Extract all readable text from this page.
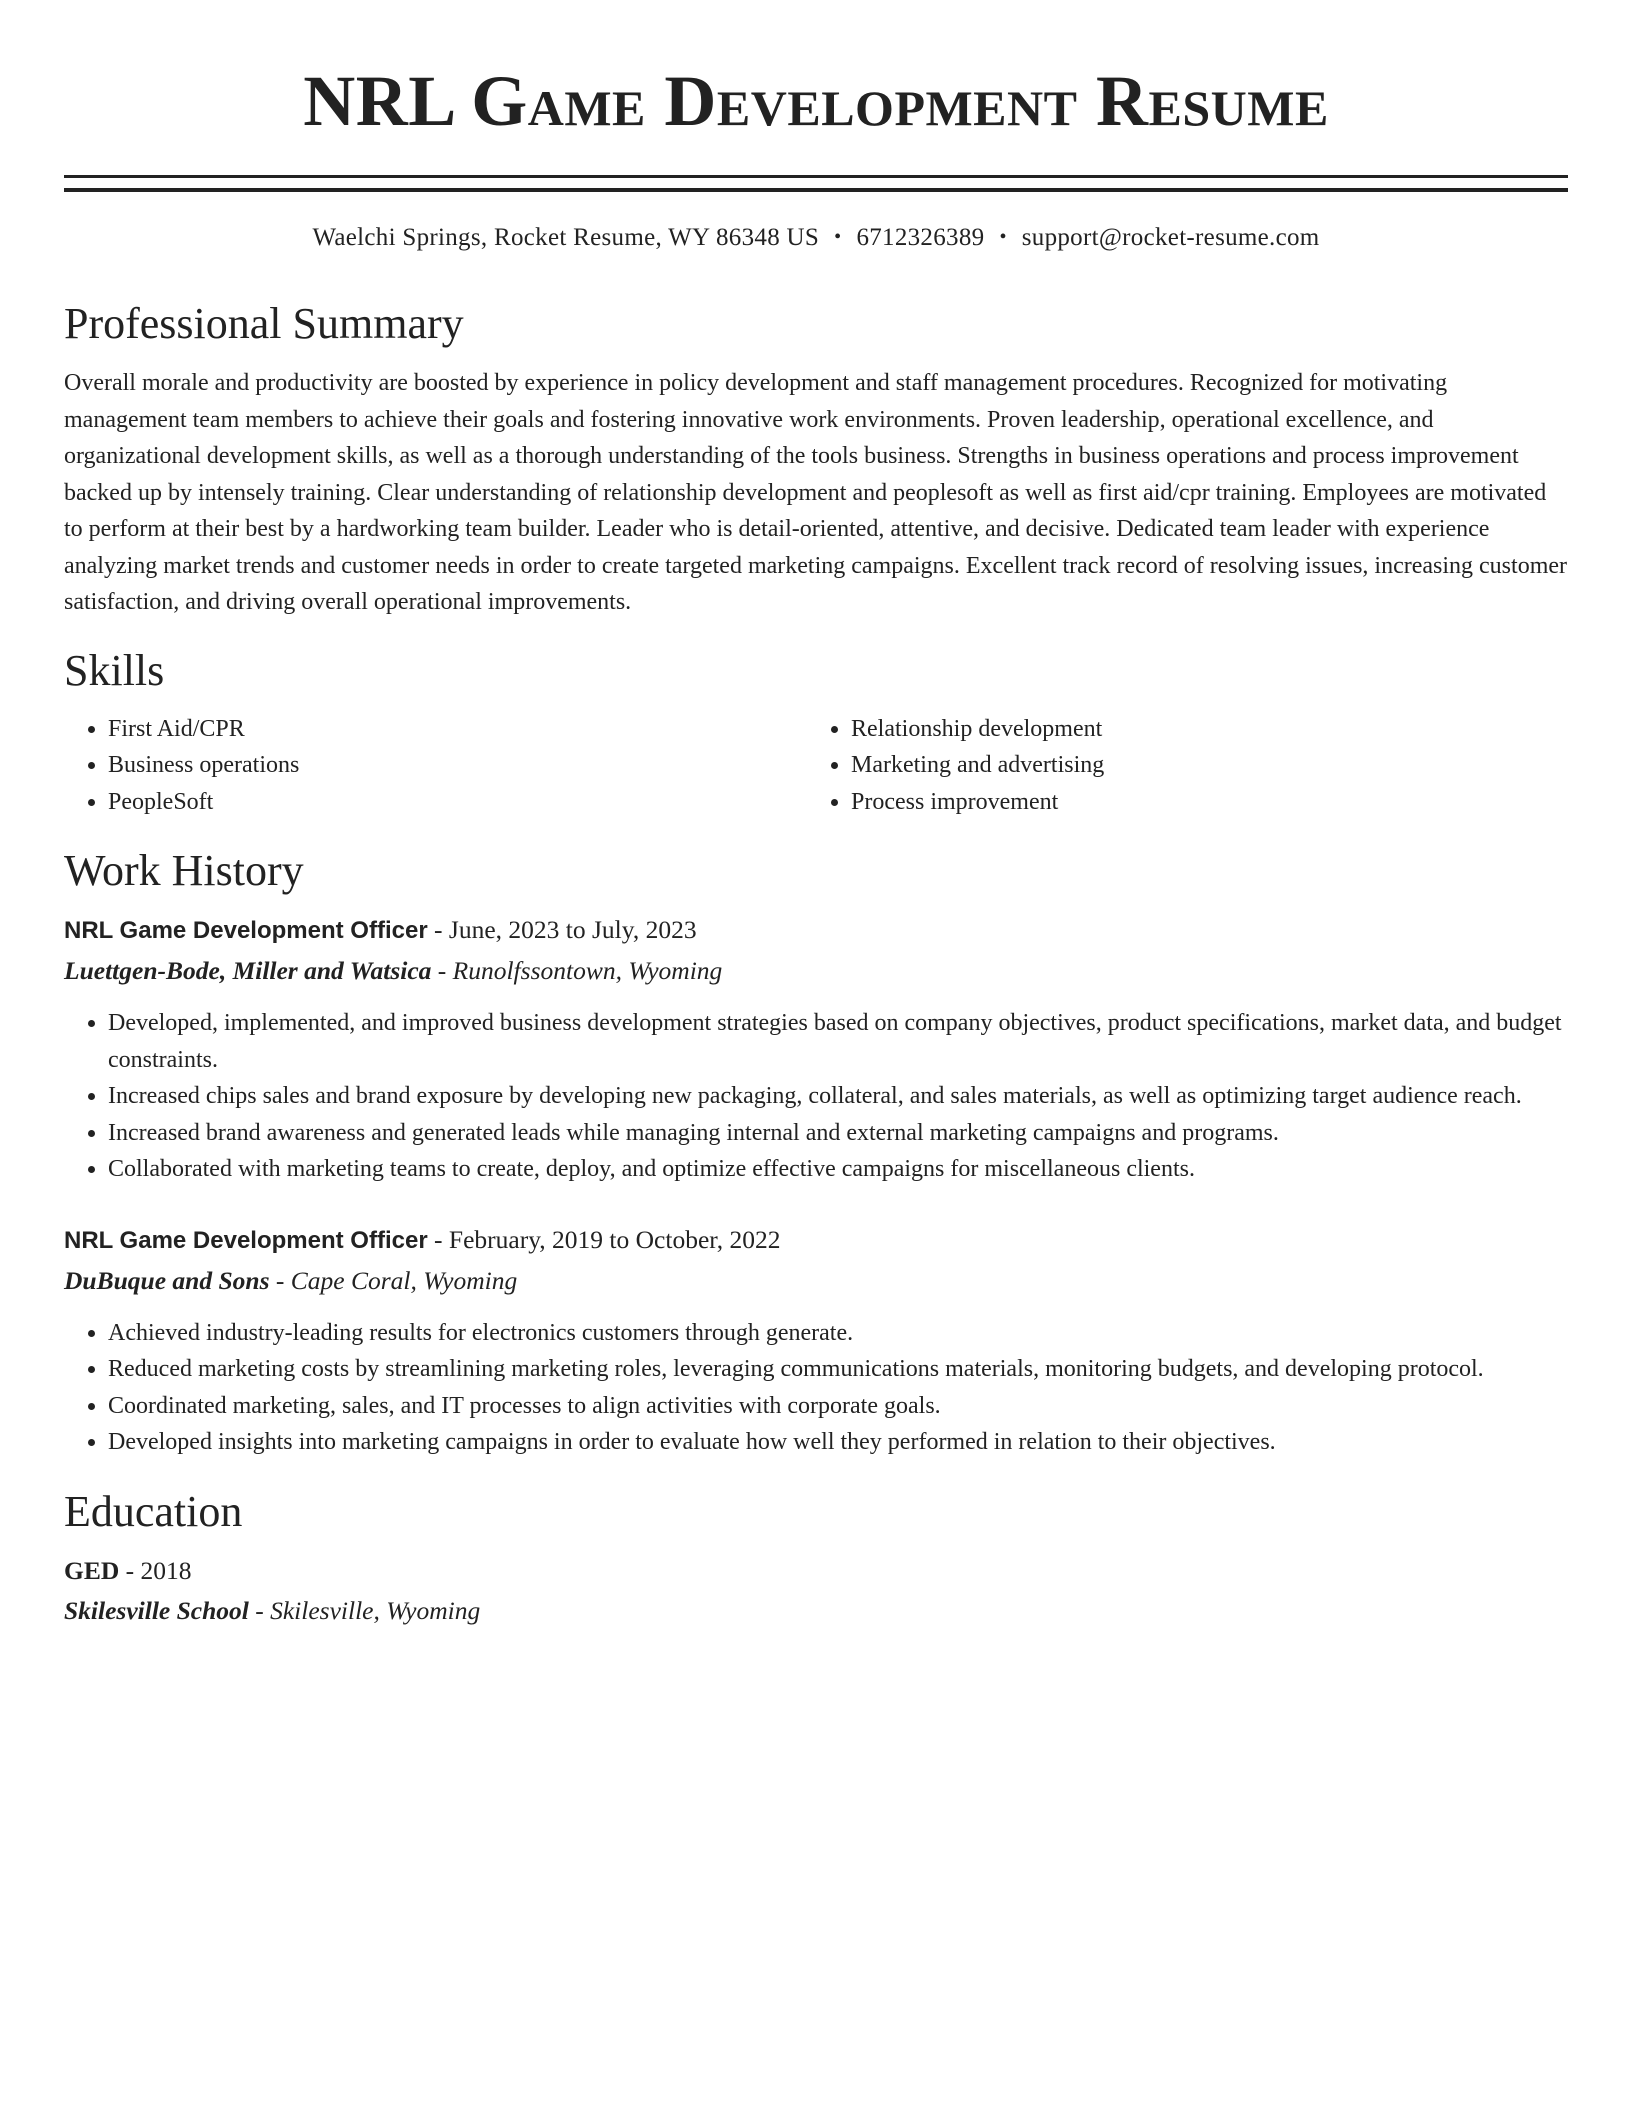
NRL Game Development Resume
Waelchi Springs, Rocket Resume, WY 86348 US • 6712326389 • support@rocket-resume.com
Professional Summary

Overall morale and productivity are boosted by experience in policy development and staff management procedures. Recognized for motivating management team members to achieve their goals and fostering innovative work environments. Proven leadership, operational excellence, and organizational development skills, as well as a thorough understanding of the tools business. Strengths in business operations and process improvement backed up by intensely training. Clear understanding of relationship development and peoplesoft as well as first aid/cpr training. Employees are motivated to perform at their best by a hardworking team builder. Leader who is detail-oriented, attentive, and decisive. Dedicated team leader with experience analyzing market trends and customer needs in order to create targeted marketing campaigns. Excellent track record of resolving issues, increasing customer satisfaction, and driving overall operational improvements.

Skills
• First Aid/CPR
• Business operations
• PeopleSoft
• Relationship development
• Marketing and advertising
• Process improvement
Work History
NRL Game Development Officer - June, 2023 to July, 2023
Luettgen-Bode, Miller and Watsica - Runolfssontown, Wyoming
• Developed, implemented, and improved business development strategies based on company objectives, product specifications, market data, and budget constraints.
• Increased chips sales and brand exposure by developing new packaging, collateral, and sales materials, as well as optimizing target audience reach.
• Increased brand awareness and generated leads while managing internal and external marketing campaigns and programs.
• Collaborated with marketing teams to create, deploy, and optimize effective campaigns for miscellaneous clients.
NRL Game Development Officer - February, 2019 to October, 2022
DuBuque and Sons - Cape Coral, Wyoming
• Achieved industry-leading results for electronics customers through generate.
• Reduced marketing costs by streamlining marketing roles, leveraging communications materials, monitoring budgets, and developing protocol.
• Coordinated marketing, sales, and IT processes to align activities with corporate goals.
• Developed insights into marketing campaigns in order to evaluate how well they performed in relation to their objectives.
Education
GED - 2018
Skilesville School - Skilesville, Wyoming
